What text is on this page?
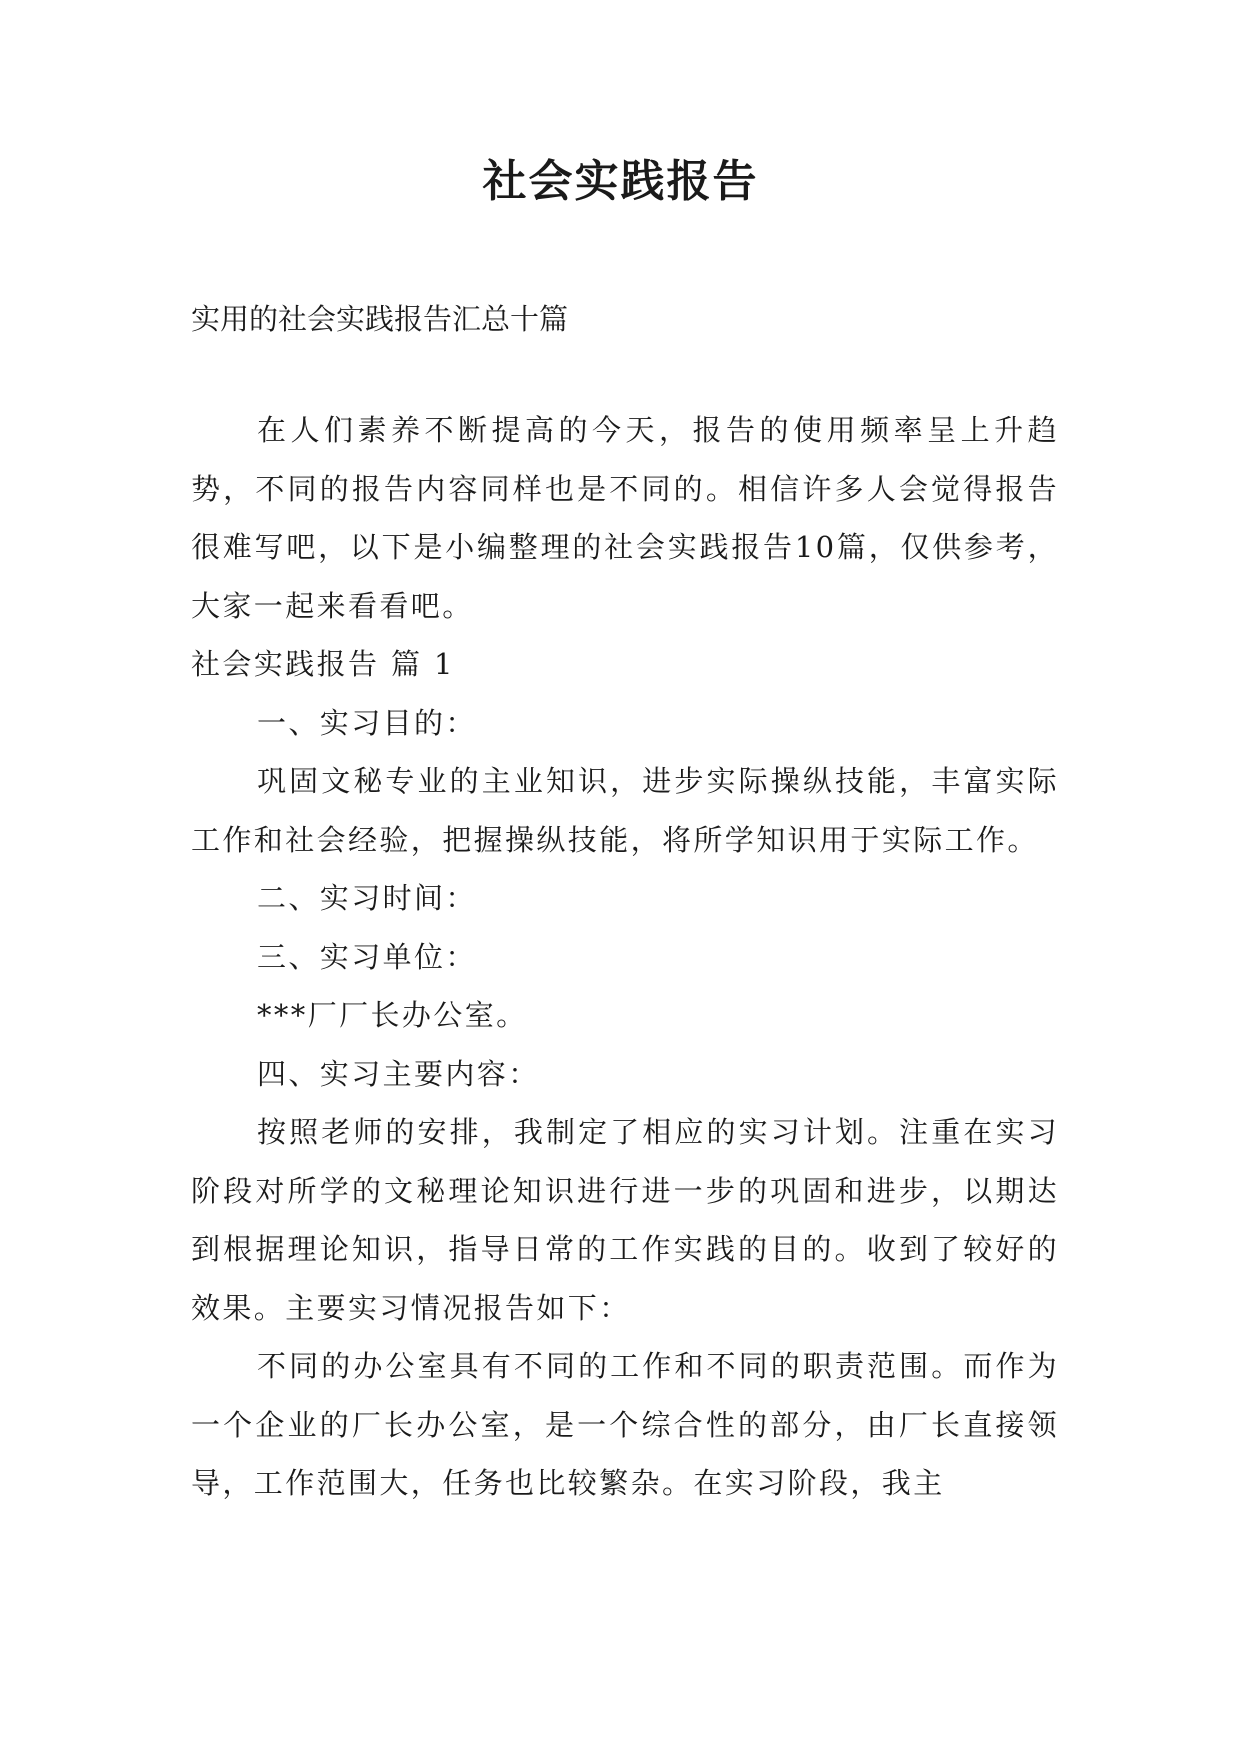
社会实践报告
实用的社会实践报告汇总十篇

在人们素养不断提高的今天，报告的使用频率呈上升趋势，不同的报告内容同样也是不同的。相信许多人会觉得报告很难写吧，以下是小编整理的社会实践报告10篇，仅供参考，大家一起来看看吧。

社会实践报告 篇 1

一、实习目的：

巩固文秘专业的主业知识，进步实际操纵技能，丰富实际工作和社会经验，把握操纵技能，将所学知识用于实际工作。

二、实习时间：

三、实习单位：

***厂厂长办公室。

四、实习主要内容：

按照老师的安排，我制定了相应的实习计划。注重在实习阶段对所学的文秘理论知识进行进一步的巩固和进步，以期达到根据理论知识，指导日常的工作实践的目的。收到了较好的效果。主要实习情况报告如下：

不同的办公室具有不同的工作和不同的职责范围。而作为一个企业的厂长办公室，是一个综合性的部分，由厂长直接领导，工作范围大，任务也比较繁杂。在实习阶段，我主
